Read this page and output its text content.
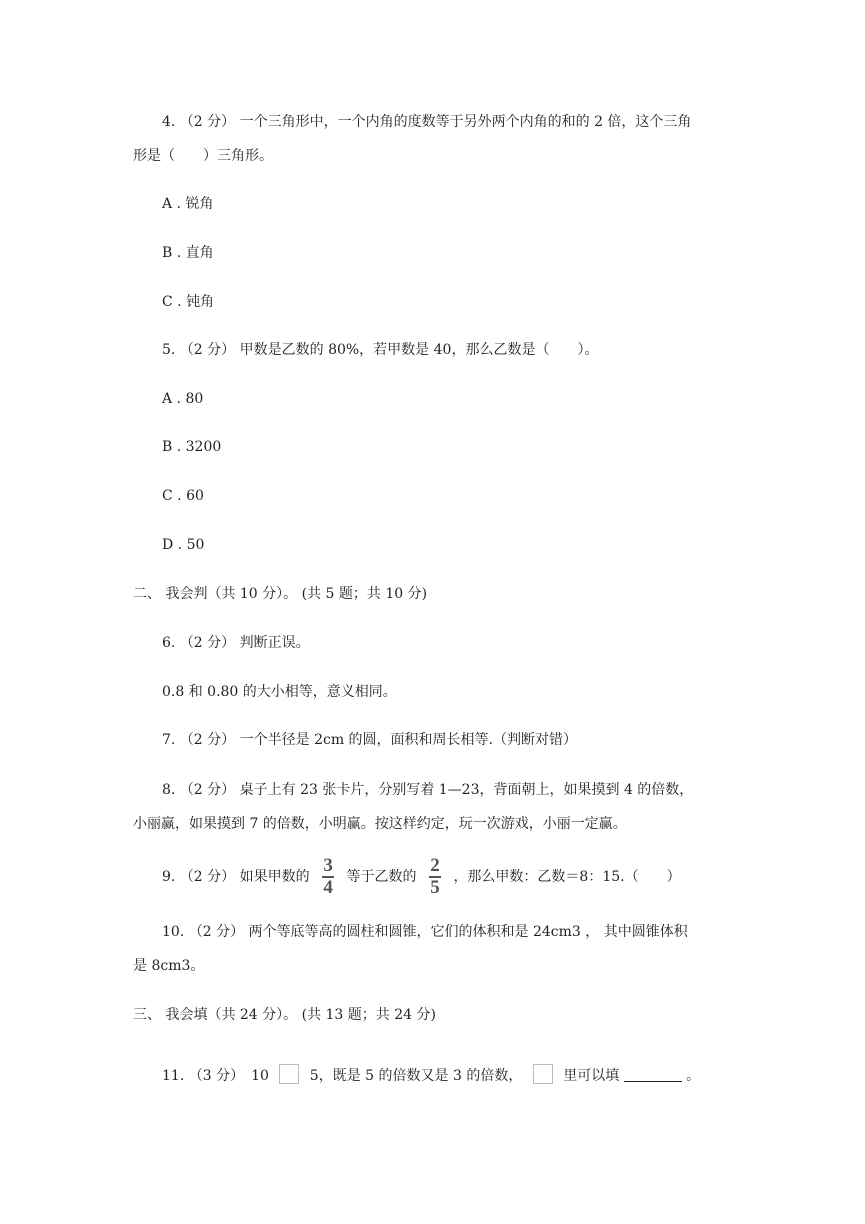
4. （2 分） 一个三角形中，一个内角的度数等于另外两个内角的和的 2 倍，这个三角
形是（　　）三角形。
A . 锐角
B . 直角
C . 钝角
5. （2 分） 甲数是乙数的 80%，若甲数是 40，那么乙数是（　　）。
A . 80
B . 3200
C . 60
D . 50
二、 我会判（共 10 分）。 (共 5 题；共 10 分)
6. （2 分） 判断正误。
0.8 和 0.80 的大小相等，意义相同。
7. （2 分） 一个半径是 2cm 的圆，面积和周长相等.（判断对错）
8. （2 分） 桌子上有 23 张卡片，分别写着 1—23，背面朝上，如果摸到 4 的倍数，
小丽赢，如果摸到 7 的倍数，小明赢。按这样约定，玩一次游戏，小丽一定赢。
9. （2 分） 如果甲数的 $\frac{3}{4}$ 等于乙数的 $\frac{2}{5}$ ，那么甲数：乙数＝8：15.（　　）
10. （2 分） 两个等底等高的圆柱和圆锥，它们的体积和是 24cm3 ， 其中圆锥体积
是 8cm3。
三、 我会填（共 24 分）。 (共 13 题；共 24 分)
11. （3 分）　10	5，既是 5 的倍数又是 3 的倍数，	里可以填	。
